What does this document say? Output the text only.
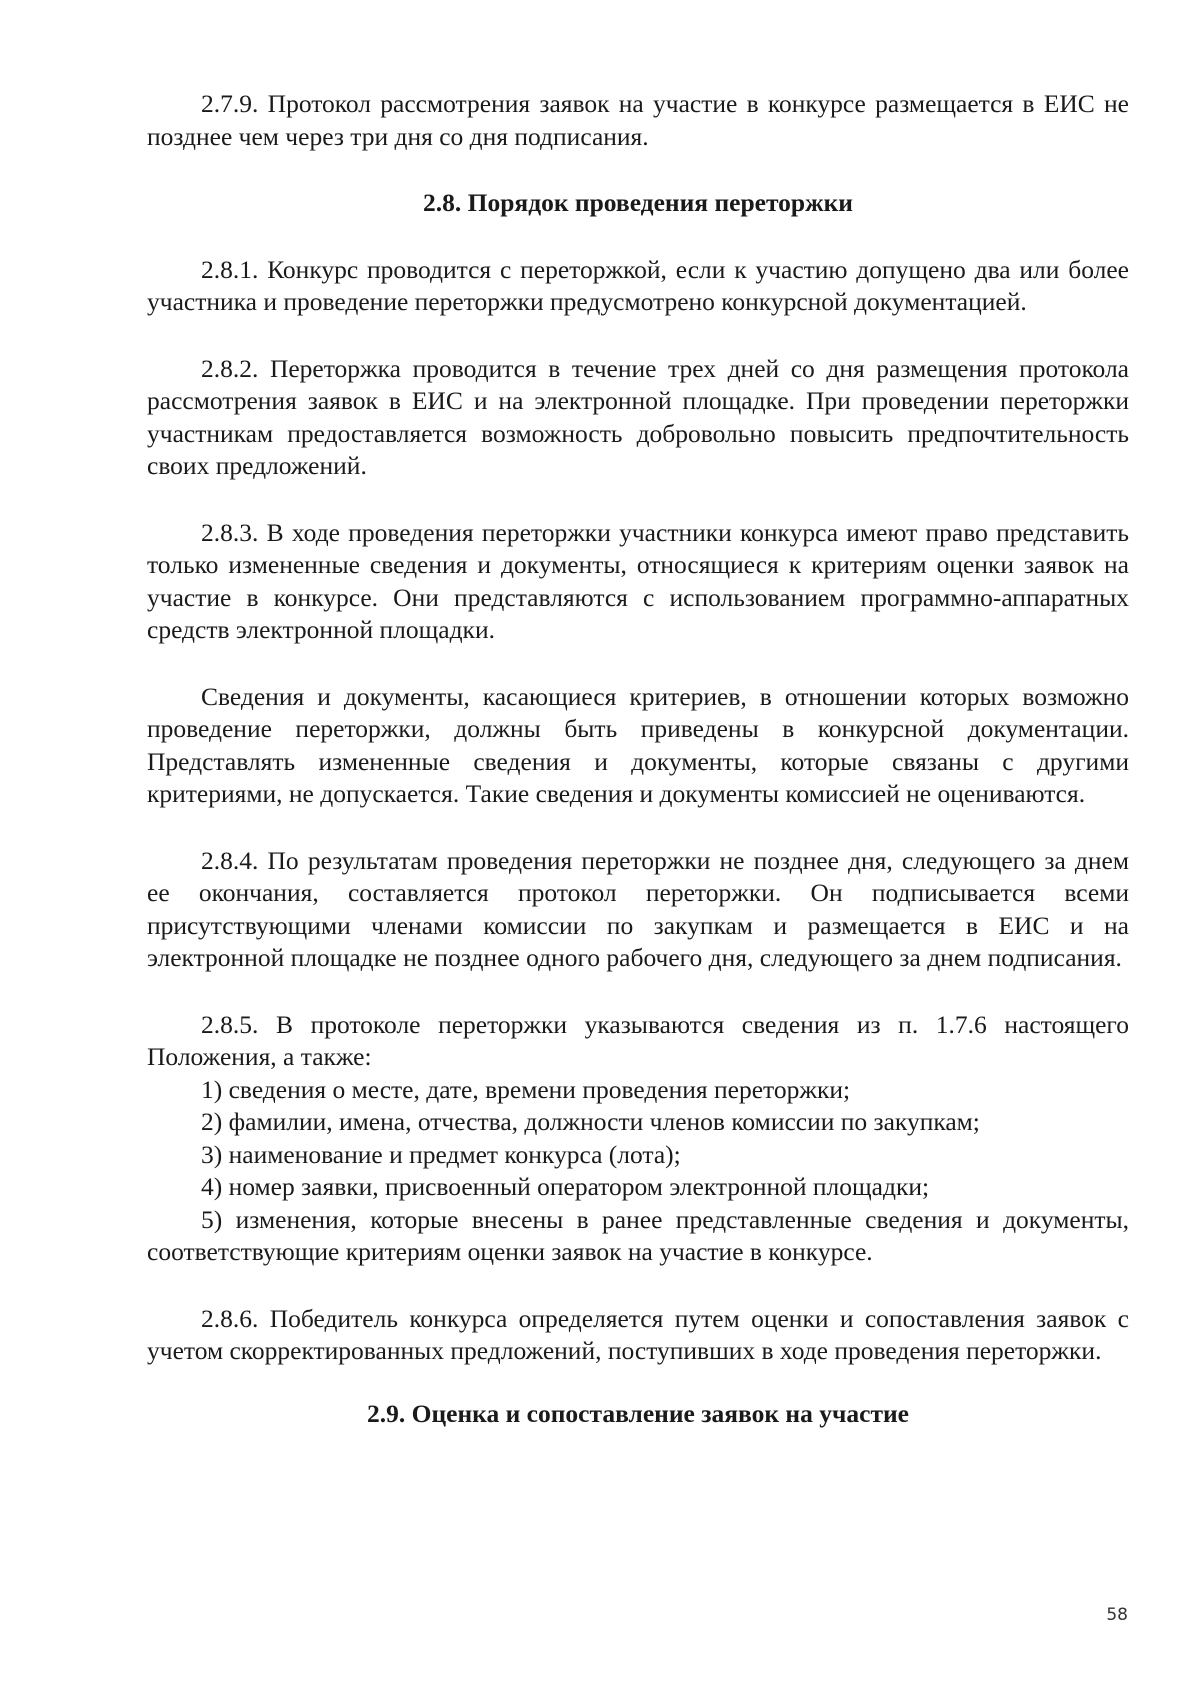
2.7.9. Протокол рассмотрения заявок на участие в конкурсе размещается в ЕИС не позднее чем через три дня со дня подписания.

2.8. Порядок проведения переторжки

2.8.1. Конкурс проводится с переторжкой, если к участию допущено два или более участника и проведение переторжки предусмотрено конкурсной документацией.

2.8.2. Переторжка проводится в течение трех дней со дня размещения протокола рассмотрения заявок в ЕИС и на электронной площадке. При проведении переторжки участникам предоставляется возможность добровольно повысить предпочтительность своих предложений.

2.8.3. В ходе проведения переторжки участники конкурса имеют право представить только измененные сведения и документы, относящиеся к критериям оценки заявок на участие в конкурсе. Они представляются с использованием программно-аппаратных средств электронной площадки.

Сведения и документы, касающиеся критериев, в отношении которых возможно проведение переторжки, должны быть приведены в конкурсной документации. Представлять измененные сведения и документы, которые связаны с другими критериями, не допускается. Такие сведения и документы комиссией не оцениваются.

2.8.4. По результатам проведения переторжки не позднее дня, следующего за днем ее окончания, составляется протокол переторжки. Он подписывается всеми присутствующими членами комиссии по закупкам и размещается в ЕИС и на электронной площадке не позднее одного рабочего дня, следующего за днем подписания.

2.8.5. В протоколе переторжки указываются сведения из п. 1.7.6 настоящего Положения, а также:

1) сведения о месте, дате, времени проведения переторжки;

2) фамилии, имена, отчества, должности членов комиссии по закупкам;

3) наименование и предмет конкурса (лота);

4) номер заявки, присвоенный оператором электронной площадки;

5) изменения, которые внесены в ранее представленные сведения и документы, соответствующие критериям оценки заявок на участие в конкурсе.

2.8.6. Победитель конкурса определяется путем оценки и сопоставления заявок с учетом скорректированных предложений, поступивших в ходе проведения переторжки.

2.9. Оценка и сопоставление заявок на участие
58
